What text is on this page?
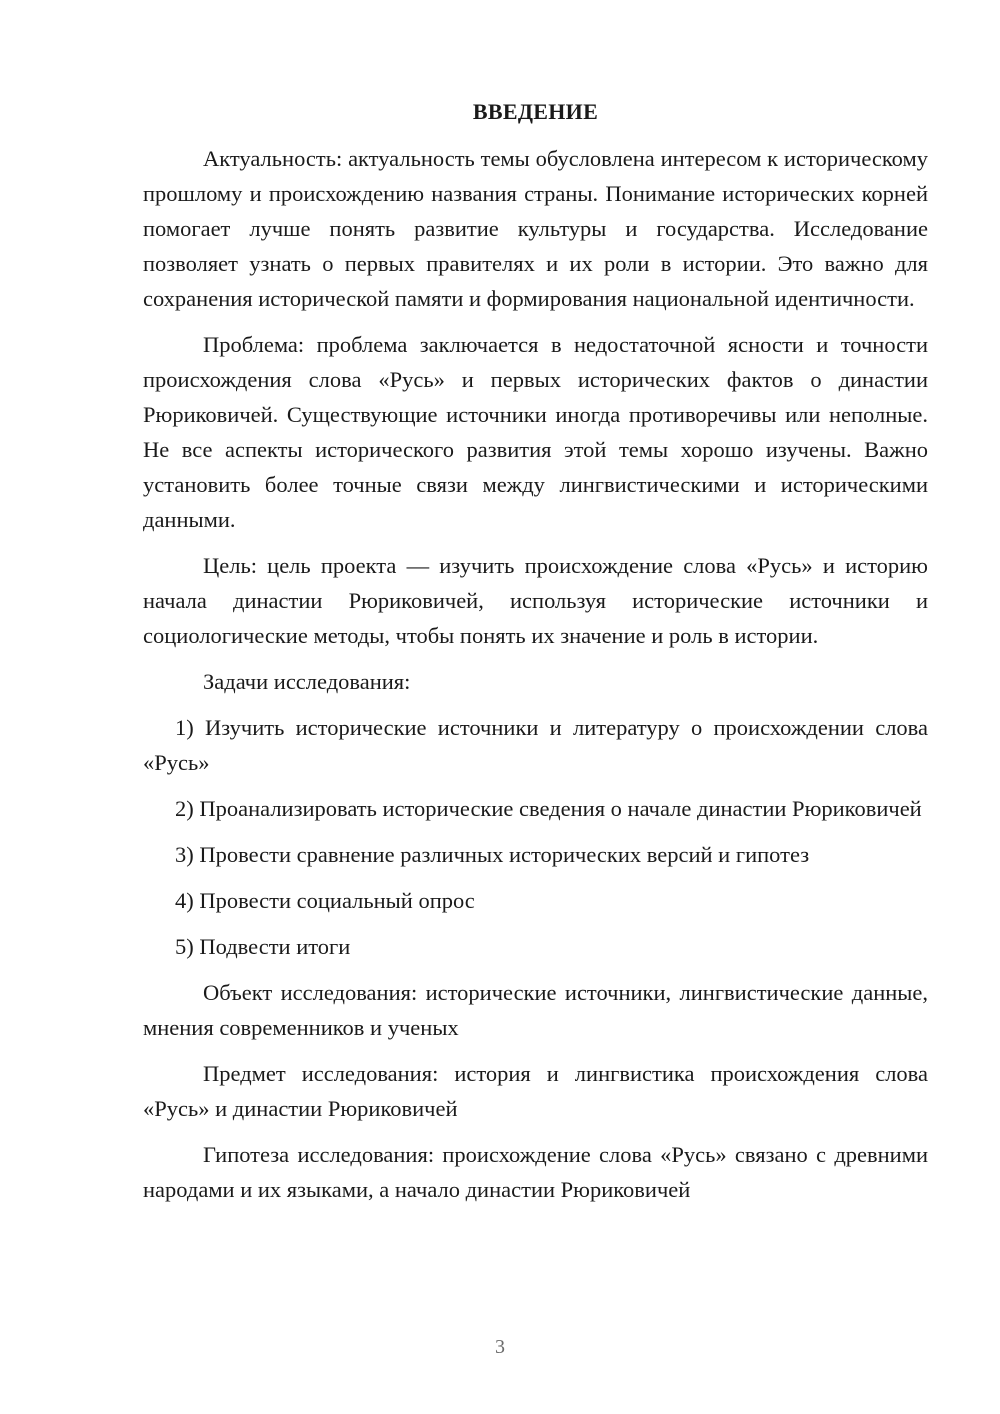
ВВЕДЕНИЕ

Актуальность: актуальность темы обусловлена интересом к историческому прошлому и происхождению названия страны. Понимание исторических корней помогает лучше понять развитие культуры и государства. Исследование позволяет узнать о первых правителях и их роли в истории. Это важно для сохранения исторической памяти и формирования национальной идентичности.

Проблема: проблема заключается в недостаточной ясности и точности происхождения слова «Русь» и первых исторических фактов о династии Рюриковичей. Существующие источники иногда противоречивы или неполные. Не все аспекты исторического развития этой темы хорошо изучены. Важно установить более точные связи между лингвистическими и историческими данными.

Цель: цель проекта — изучить происхождение слова «Русь» и историю начала династии Рюриковичей, используя исторические источники и социологические методы, чтобы понять их значение и роль в истории.

Задачи исследования:

1) Изучить исторические источники и литературу о происхождении слова «Русь»

2) Проанализировать исторические сведения о начале династии Рюриковичей

3) Провести сравнение различных исторических версий и гипотез

4) Провести социальный опрос

5) Подвести итоги

Объект исследования: исторические источники, лингвистические данные, мнения современников и ученых

Предмет исследования: история и лингвистика происхождения слова «Русь» и династии Рюриковичей

Гипотеза исследования: происхождение слова «Русь» связано с древними народами и их языками, а начало династии Рюриковичей

3
